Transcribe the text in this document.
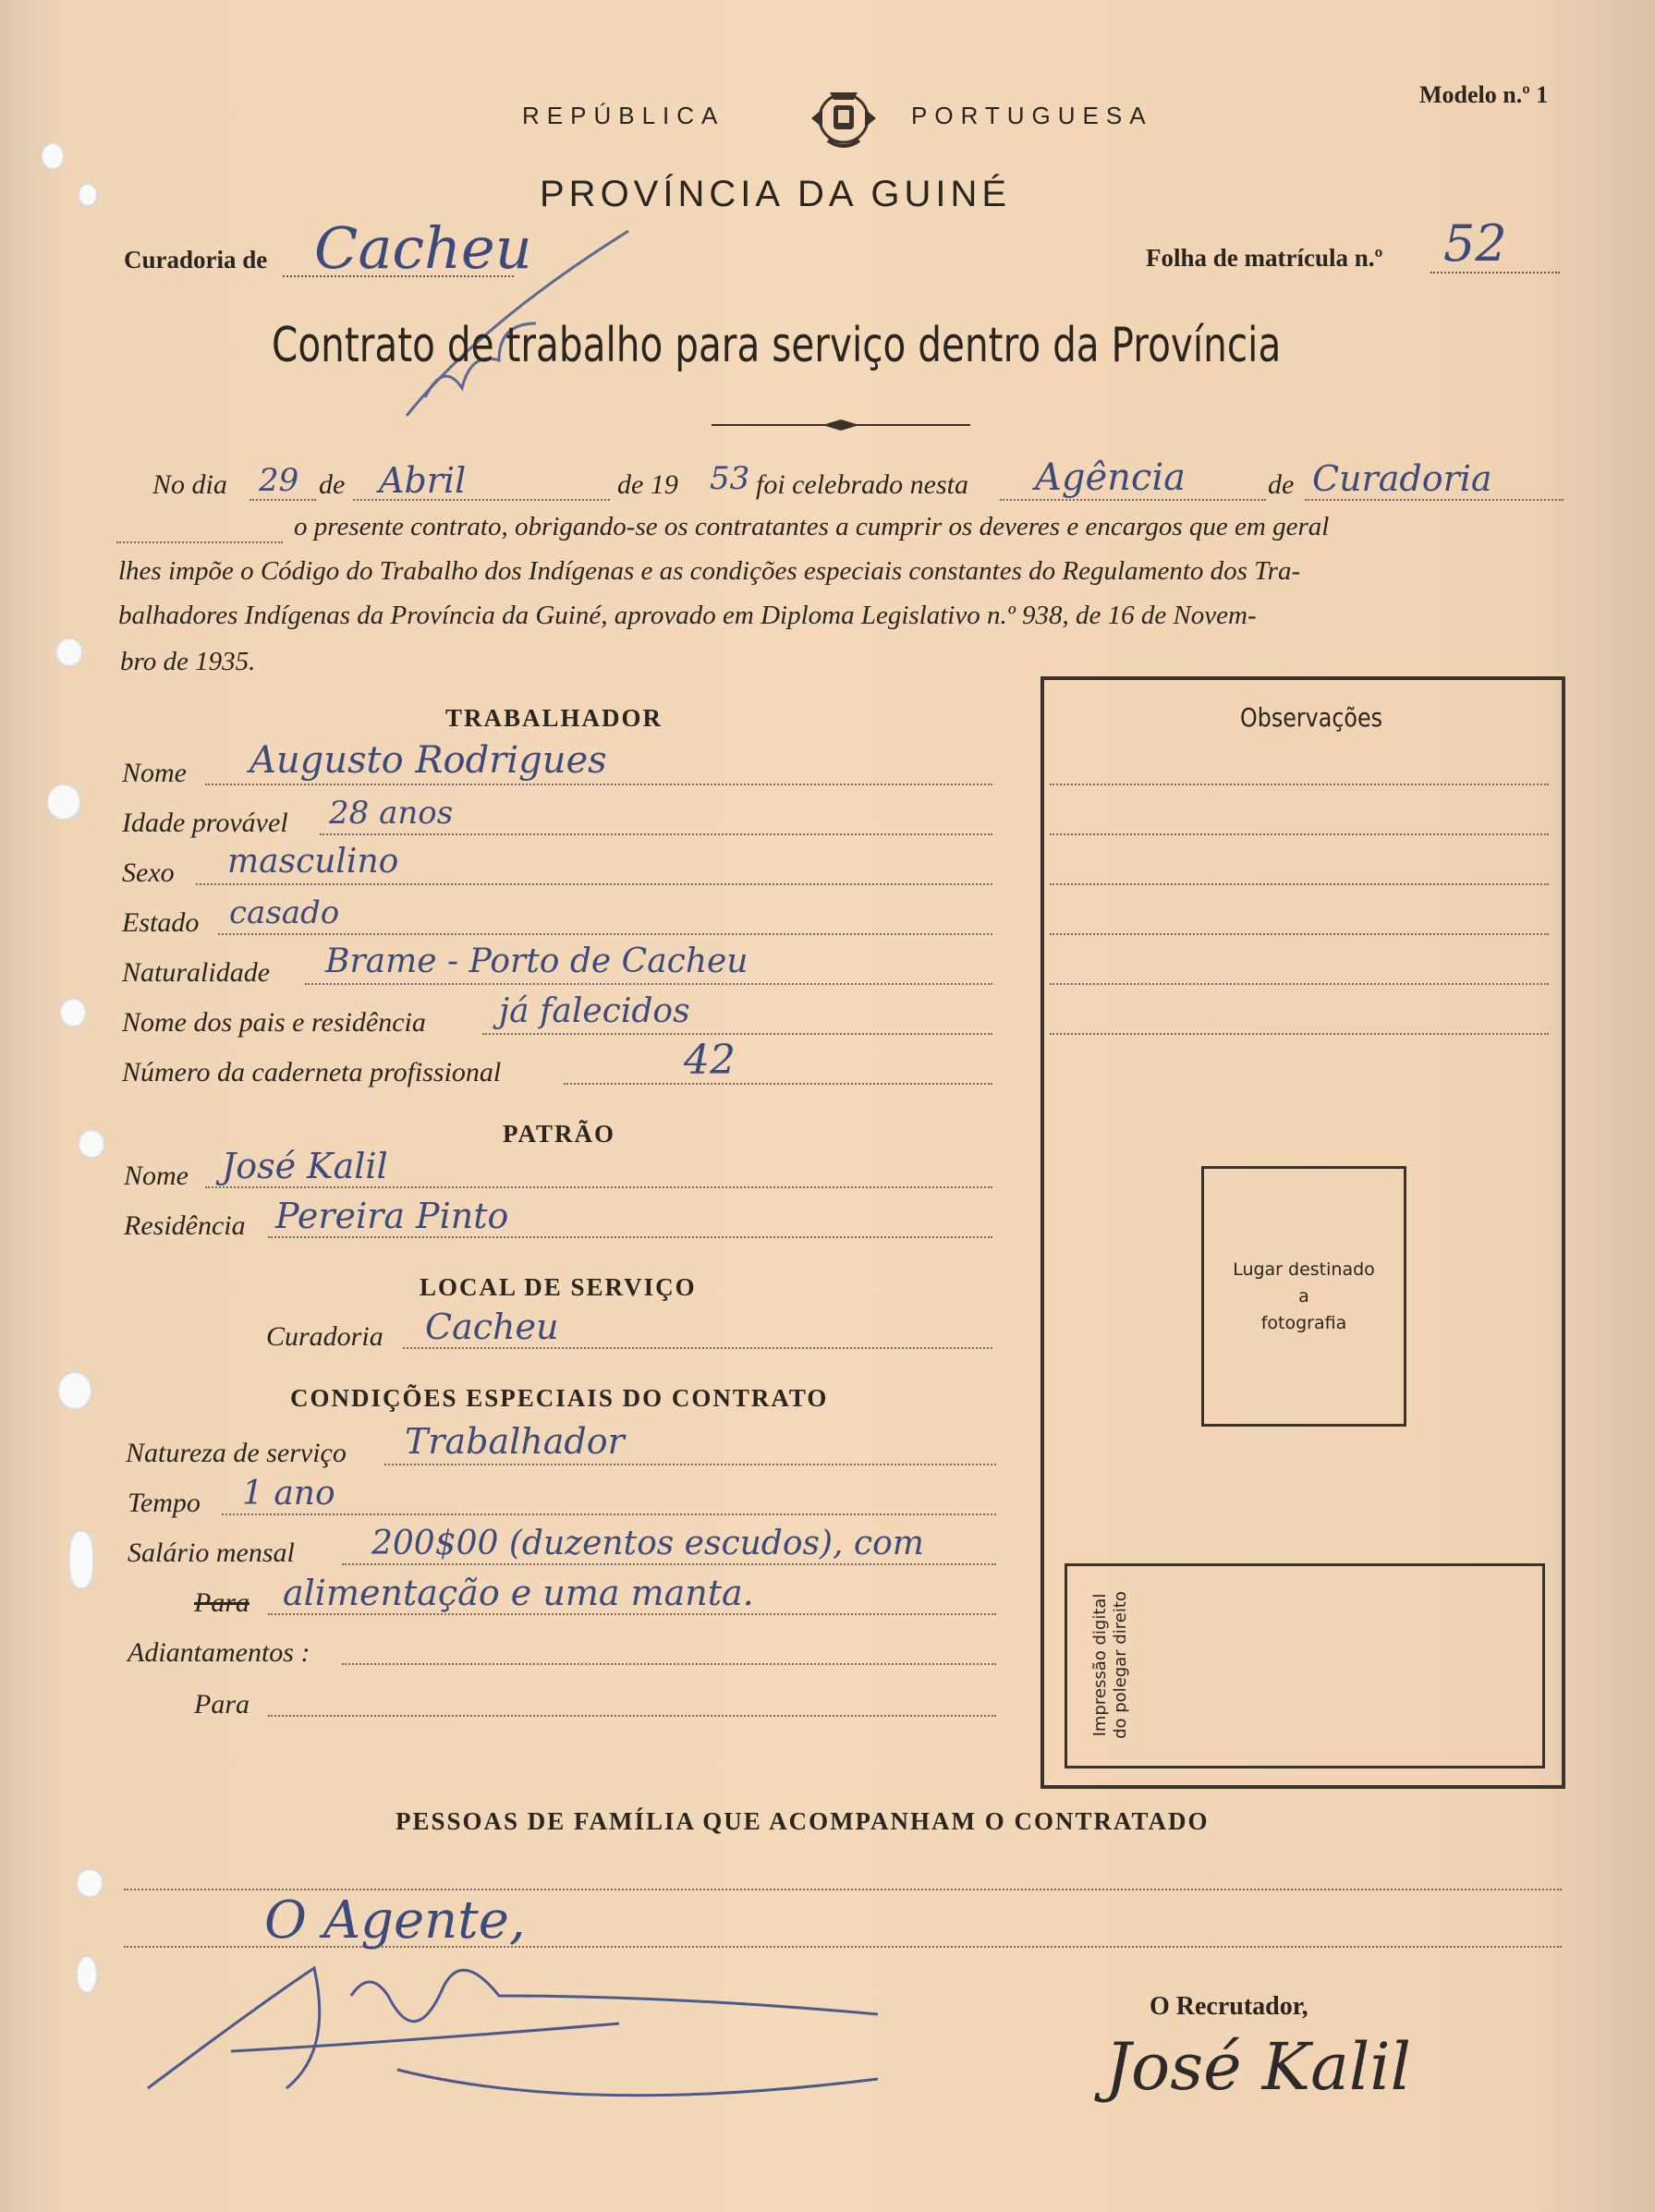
Modelo n.º 1
REPÚBLICA	PORTUGUESA
PROVÍNCIA DA GUINÉ
Curadoria de Cacheu	Folha de matrícula n.º 52
Contrato de trabalho para serviço dentro da Província
No dia 29 de Abril	de 19 53 foi celebrado nesta Agência	de Curadoria
o presente contrato, obrigando-se os contratantes a cumprir os deveres e encargos que em geral
lhes impõe o Código do Trabalho dos Indígenas e as condições especiais constantes do Regulamento dos Tra-
balhadores Indígenas da Província da Guiné, aprovado em Diploma Legislativo n.º 938, de 16 de Novem-
bro de 1935.
TRABALHADOR
Nome Augusto Rodrigues
Idade provável 28 anos
Sexo masculino
Estado casado
Naturalidade Brame - Porto de Cacheu
Nome dos pais e residência já falecidos
Número da caderneta profissional	42
PATRÃO
Nome José Kalil
Residência Pereira Pinto
LOCAL DE SERVIÇO
Curadoria Cacheu
CONDIÇÕES ESPECIAIS DO CONTRATO
Natureza de serviço Trabalhador
Tempo 1 ano
Salário mensal 200$00 (duzentos escudos), com
Para alimentação e uma manta.
Adiantamentos :
Para
Observações
Lugar destinado
a
fotografia
Impressão digital do polegar direito
PESSOAS DE FAMÍLIA QUE ACOMPANHAM O CONTRATADO
O Agente,
O Recrutador,
José Kalil
